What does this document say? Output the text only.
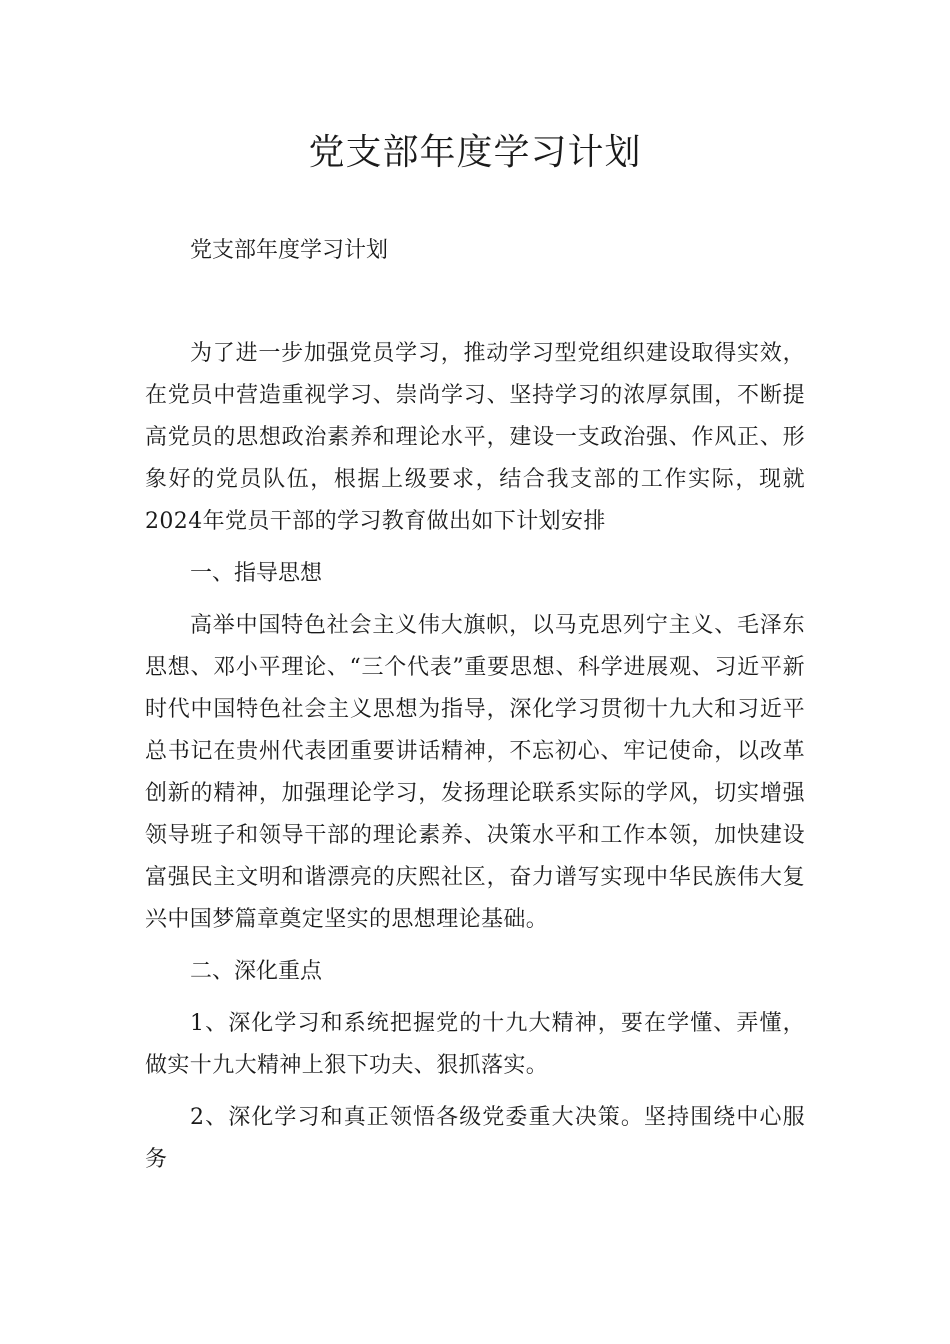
党支部年度学习计划

党支部年度学习计划

为了进一步加强党员学习，推动学习型党组织建设取得实效，在党员中营造重视学习、崇尚学习、坚持学习的浓厚氛围，不断提高党员的思想政治素养和理论水平，建设一支政治强、作风正、形象好的党员队伍，根据上级要求，结合我支部的工作实际，现就2024年党员干部的学习教育做出如下计划安排

一、指导思想

高举中国特色社会主义伟大旗帜，以马克思列宁主义、毛泽东思想、邓小平理论、“三个代表”重要思想、科学进展观、习近平新时代中国特色社会主义思想为指导，深化学习贯彻十九大和习近平总书记在贵州代表团重要讲话精神，不忘初心、牢记使命，以改革创新的精神，加强理论学习，发扬理论联系实际的学风，切实增强领导班子和领导干部的理论素养、决策水平和工作本领，加快建设富强民主文明和谐漂亮的庆熙社区，奋力谱写实现中华民族伟大复兴中国梦篇章奠定坚实的思想理论基础。

二、深化重点

1、深化学习和系统把握党的十九大精神，要在学懂、弄懂，做实十九大精神上狠下功夫、狠抓落实。

2、深化学习和真正领悟各级党委重大决策。坚持围绕中心服务
